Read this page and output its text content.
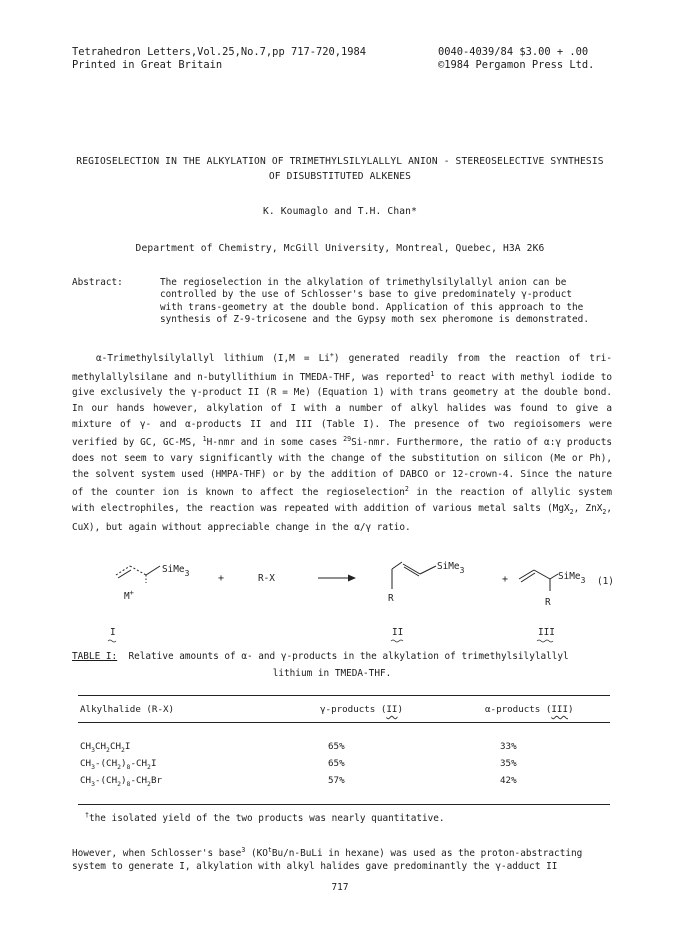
Tetrahedron Letters,Vol.25,No.7,pp 717-720,1984
Printed in Great Britain
0040-4039/84 $3.00 + .00
©1984 Pergamon Press Ltd.
REGIOSELECTION IN THE ALKYLATION OF TRIMETHYLSILYLALLYL ANION - STEREOSELECTIVE SYNTHESIS
OF DISUBSTITUTED ALKENES
K. Koumaglo and T.H. Chan*
Department of Chemistry, McGill University, Montreal, Quebec, H3A 2K6
Abstract:	The regioselection in the alkylation of trimethylsilylallyl anion can be controlled by the use of Schlosser's base to give predominately γ-product with trans-geometry at the double bond. Application of this approach to the synthesis of Z-9-tricosene and the Gypsy moth sex pheromone is demonstrated.
α-Trimethylsilylallyl lithium (I,M = Li+) generated readily from the reaction of tri-methylallylsilane and n-butyllithium in TMEDA-THF, was reported$^1$ to react with methyl iodide to give exclusively the γ-product II (R = Me) (Equation 1) with trans geometry at the double bond. In our hands however, alkylation of I with a number of alkyl halides was found to give a mixture of γ- and α-products II and III (Table I). The presence of two regioisomers were verified by GC, GC-MS, $^1$H-nmr and in some cases $^{29}$Si-nmr. Furthermore, the ratio of α:γ products does not seem to vary significantly with the change of the substitution on silicon (Me or Ph), the solvent system used (HMPA-THF) or by the addition of DABCO or 12-crown-4. Since the nature of the counter ion is known to affect the regioselection$^2$ in the reaction of allylic system with electrophiles, the reaction was repeated with addition of various metal salts (MgX$_2$, ZnX$_2$, CuX), but again without appreciable change in the α/γ ratio.
SiMe3
M+
+	R-X
SiMe3
R
+	SiMe3 (1)
R
I	II	III
TABLE I: Relative amounts of α- and γ-products in the alkylation of trimethylsilylallyl
lithium in TMEDA-THF.
Alkylhalide (R-X)	γ-products (II)	α-products (III)
$CH_3CH_2CH_2I$	65%	33%
$CH_3-(CH_2)_8-CH_2I$	65%	35%
$CH_3-(CH_2)_8-CH_2Br$	57%	42%
†the isolated yield of the two products was nearly quantitative.
However, when Schlosser's base$^3$ ($KO^tBu/n$-BuLi in hexane) was used as the proton-abstracting
system to generate I, alkylation with alkyl halides gave predominantly the γ-adduct II
717
